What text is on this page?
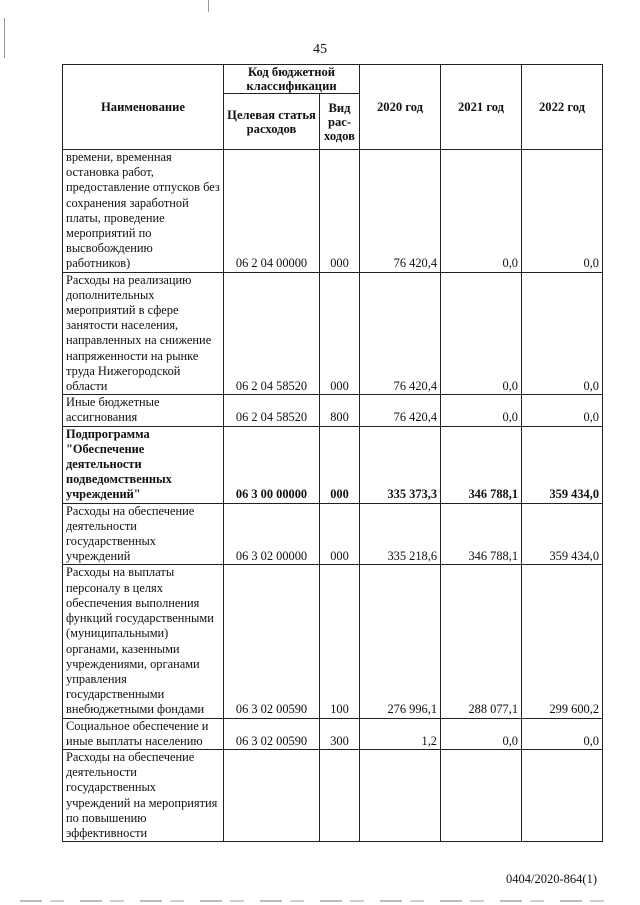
45
Наименование	Код бюджетной классификации		2020 год	2021 год	2022 год
	Целевая статья расходов	Вид рас- ходов			
времени, временная остановка работ, предоставление отпусков без сохранения заработной платы, проведение мероприятий по высвобождению работников)	06 2 04 00000	000	76 420,4	0,0	0,0
Расходы на реализацию дополнительных мероприятий в сфере занятости населения, направленных на снижение напряженности на рынке труда Нижегородской области	06 2 04 58520	000	76 420,4	0,0	0,0
Иные бюджетные ассигнования	06 2 04 58520	800	76 420,4	0,0	0,0
Подпрограмма "Обеспечение деятельности подведомственных учреждений"	06 3 00 00000	000	335 373,3	346 788,1	359 434,0
Расходы на обеспечение деятельности государственных учреждений	06 3 02 00000	000	335 218,6	346 788,1	359 434,0
Расходы на выплаты персоналу в целях обеспечения выполнения функций государственными (муниципальными) органами, казенными учреждениями, органами управления государственными внебюджетными фондами	06 3 02 00590	100	276 996,1	288 077,1	299 600,2
Социальное обеспечение и иные выплаты населению	06 3 02 00590	300	1,2	0,0	0,0
Расходы на обеспечение деятельности государственных учреждений на мероприятия по повышению эффективности					
0404/2020-864(1)
